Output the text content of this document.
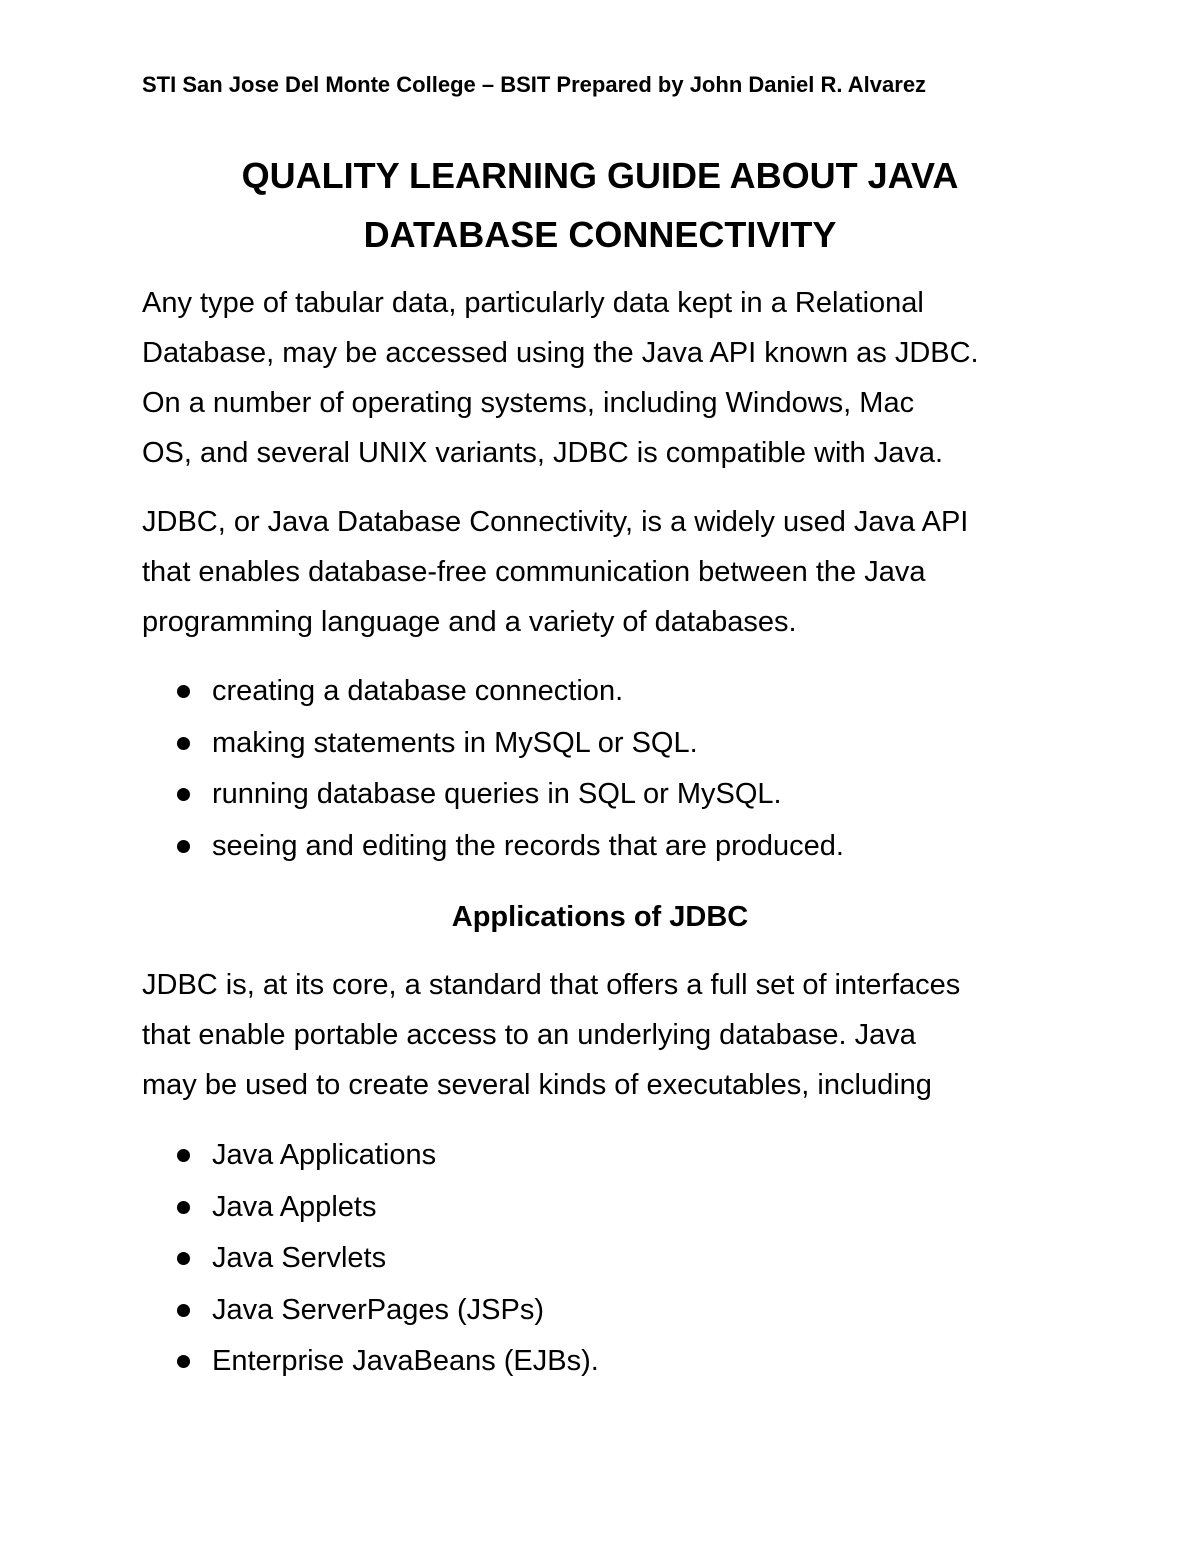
STI San Jose Del Monte College – BSIT Prepared by John Daniel R. Alvarez
QUALITY LEARNING GUIDE ABOUT JAVA
DATABASE CONNECTIVITY
Any type of tabular data, particularly data kept in a Relational
Database, may be accessed using the Java API known as JDBC.
On a number of operating systems, including Windows, Mac
OS, and several UNIX variants, JDBC is compatible with Java.
JDBC, or Java Database Connectivity, is a widely used Java API
that enables database-free communication between the Java
programming language and a variety of databases.
creating a database connection.
making statements in MySQL or SQL.
running database queries in SQL or MySQL.
seeing and editing the records that are produced.
Applications of JDBC
JDBC is, at its core, a standard that offers a full set of interfaces
that enable portable access to an underlying database. Java
may be used to create several kinds of executables, including
Java Applications
Java Applets
Java Servlets
Java ServerPages (JSPs)
Enterprise JavaBeans (EJBs).
